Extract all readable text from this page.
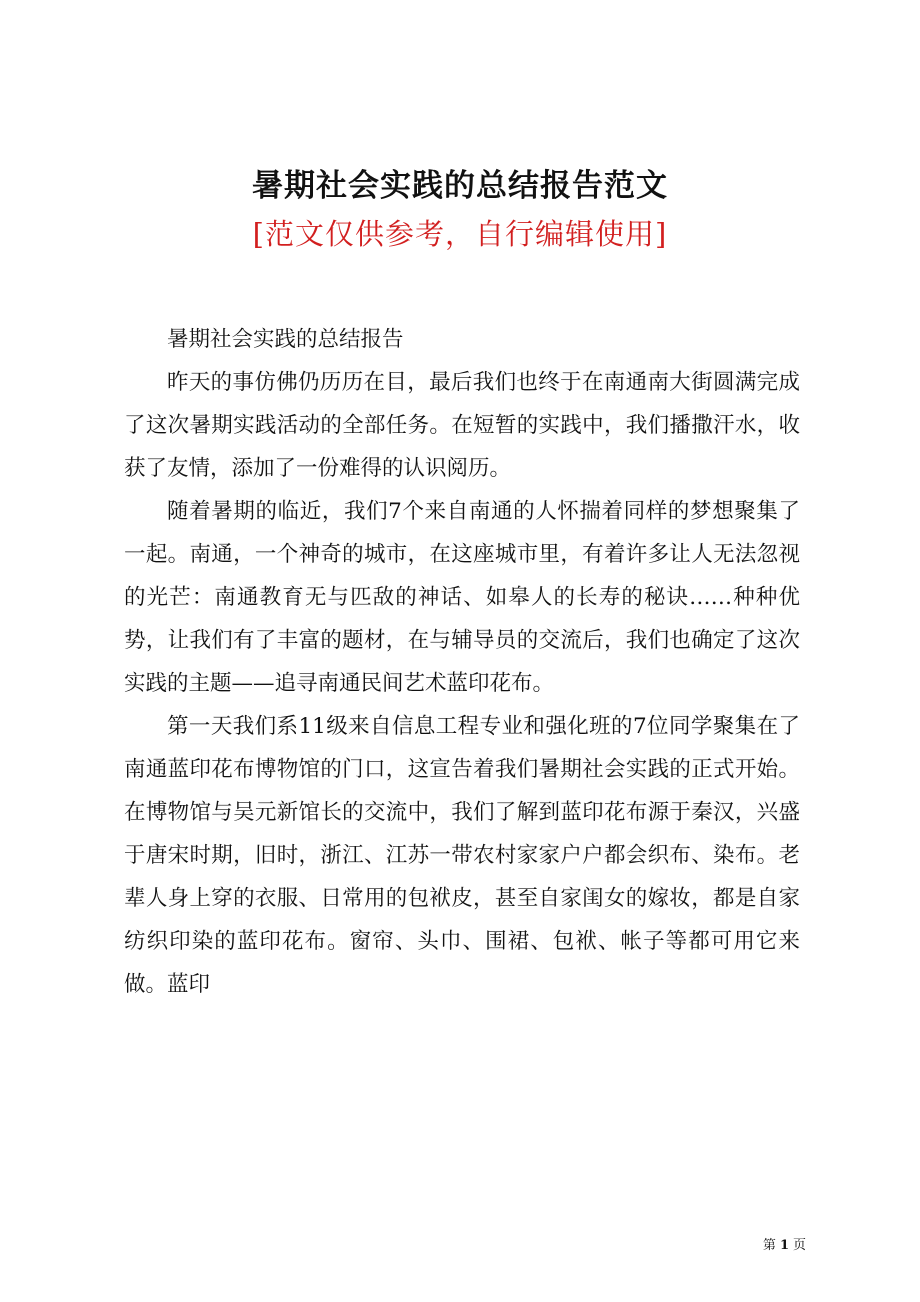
暑期社会实践的总结报告范文
[范文仅供参考，自行编辑使用]

暑期社会实践的总结报告

昨天的事仿佛仍历历在目，最后我们也终于在南通南大街圆满完成了这次暑期实践活动的全部任务。在短暂的实践中，我们播撒汗水，收获了友情，添加了一份难得的认识阅历。

随着暑期的临近，我们7个来自南通的人怀揣着同样的梦想聚集了一起。南通，一个神奇的城市，在这座城市里，有着许多让人无法忽视的光芒：南通教育无与匹敌的神话、如皋人的长寿的秘诀……种种优势，让我们有了丰富的题材，在与辅导员的交流后，我们也确定了这次实践的主题——追寻南通民间艺术蓝印花布。

第一天我们系11级来自信息工程专业和强化班的7位同学聚集在了南通蓝印花布博物馆的门口，这宣告着我们暑期社会实践的正式开始。在博物馆与吴元新馆长的交流中，我们了解到蓝印花布源于秦汉，兴盛于唐宋时期，旧时，浙江、江苏一带农村家家户户都会织布、染布。老辈人身上穿的衣服、日常用的包袱皮，甚至自家闺女的嫁妆，都是自家纺织印染的蓝印花布。窗帘、头巾、围裙、包袱、帐子等都可用它来做。蓝印

第 1 页
